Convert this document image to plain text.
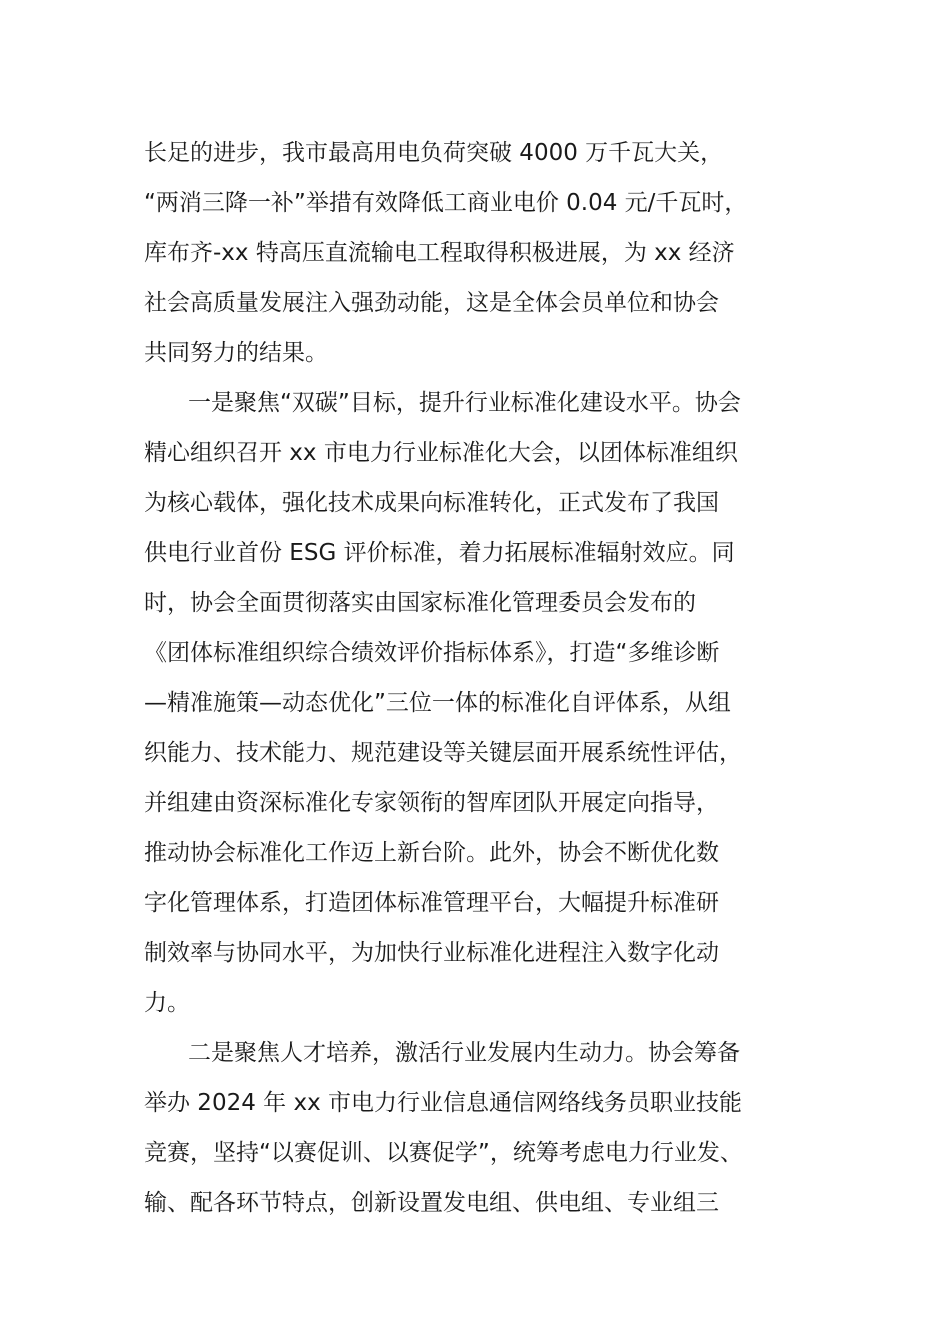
长足的进步，我市最高用电负荷突破 4000 万千瓦大关，
“两消三降一补”举措有效降低工商业电价 0.04 元/千瓦时，
库布齐-xx 特高压直流输电工程取得积极进展，为 xx 经济
社会高质量发展注入强劲动能，这是全体会员单位和协会
共同努力的结果。
一是聚焦“双碳”目标，提升行业标准化建设水平。协会
精心组织召开 xx 市电力行业标准化大会，以团体标准组织
为核心载体，强化技术成果向标准转化，正式发布了我国
供电行业首份 ESG 评价标准，着力拓展标准辐射效应。同
时，协会全面贯彻落实由国家标准化管理委员会发布的
《团体标准组织综合绩效评价指标体系》，打造“多维诊断
—精准施策—动态优化”三位一体的标准化自评体系，从组
织能力、技术能力、规范建设等关键层面开展系统性评估，
并组建由资深标准化专家领衔的智库团队开展定向指导，
推动协会标准化工作迈上新台阶。此外，协会不断优化数
字化管理体系，打造团体标准管理平台，大幅提升标准研
制效率与协同水平，为加快行业标准化进程注入数字化动
力。
二是聚焦人才培养，激活行业发展内生动力。协会筹备
举办 2024 年 xx 市电力行业信息通信网络线务员职业技能
竞赛，坚持“以赛促训、以赛促学”，统筹考虑电力行业发、
输、配各环节特点，创新设置发电组、供电组、专业组三
